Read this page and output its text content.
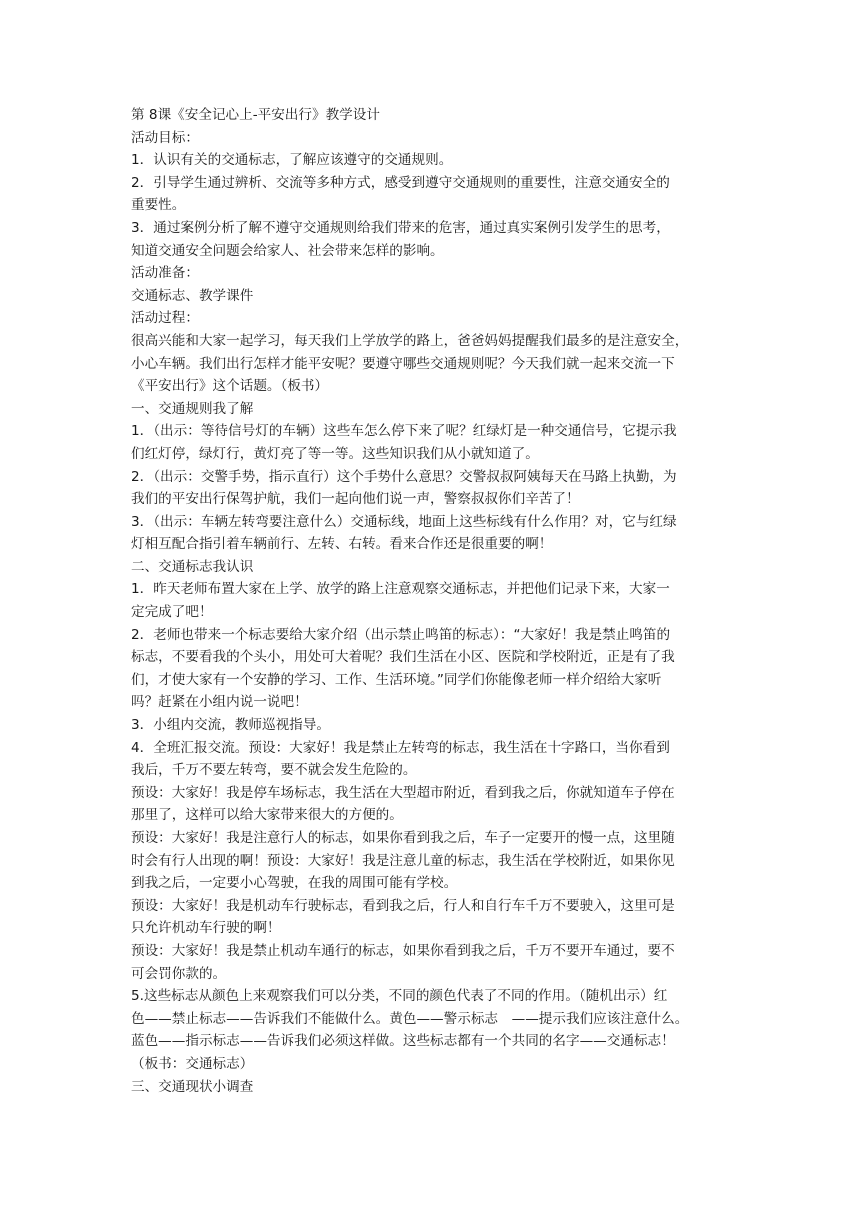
第 8课《安全记心上-平安出行》教学设计
活动目标：
1．认识有关的交通标志，了解应该遵守的交通规则。
2．引导学生通过辨析、交流等多种方式，感受到遵守交通规则的重要性，注意交通安全的
重要性。
3．通过案例分析了解不遵守交通规则给我们带来的危害，通过真实案例引发学生的思考，
知道交通安全问题会给家人、社会带来怎样的影响。
活动准备：
交通标志、教学课件
活动过程：
很高兴能和大家一起学习，每天我们上学放学的路上，爸爸妈妈提醒我们最多的是注意安全，
小心车辆。我们出行怎样才能平安呢？要遵守哪些交通规则呢？今天我们就一起来交流一下
《平安出行》这个话题。（板书）
一、交通规则我了解
1．（出示：等待信号灯的车辆）这些车怎么停下来了呢？红绿灯是一种交通信号，它提示我
们红灯停，绿灯行，黄灯亮了等一等。这些知识我们从小就知道了。
2．（出示：交警手势，指示直行）这个手势什么意思？交警叔叔阿姨每天在马路上执勤，为
我们的平安出行保驾护航，我们一起向他们说一声，警察叔叔你们辛苦了！
3．（出示：车辆左转弯要注意什么）交通标线，地面上这些标线有什么作用？对，它与红绿
灯相互配合指引着车辆前行、左转、右转。看来合作还是很重要的啊！
二、交通标志我认识
1．昨天老师布置大家在上学、放学的路上注意观察交通标志，并把他们记录下来，大家一
定完成了吧！
2．老师也带来一个标志要给大家介绍（出示禁止鸣笛的标志）：“大家好！我是禁止鸣笛的
标志，不要看我的个头小，用处可大着呢？我们生活在小区、医院和学校附近，正是有了我
们，才使大家有一个安静的学习、工作、生活环境。”同学们你能像老师一样介绍给大家听
吗？赶紧在小组内说一说吧！
3．小组内交流，教师巡视指导。
4．全班汇报交流。预设：大家好！我是禁止左转弯的标志，我生活在十字路口，当你看到
我后，千万不要左转弯，要不就会发生危险的。
预设：大家好！我是停车场标志，我生活在大型超市附近，看到我之后，你就知道车子停在
那里了，这样可以给大家带来很大的方便的。
预设：大家好！我是注意行人的标志，如果你看到我之后，车子一定要开的慢一点，这里随
时会有行人出现的啊！预设：大家好！我是注意儿童的标志，我生活在学校附近，如果你见
到我之后，一定要小心驾驶，在我的周围可能有学校。
预设：大家好！我是机动车行驶标志，看到我之后，行人和自行车千万不要驶入，这里可是
只允许机动车行驶的啊！
预设：大家好！我是禁止机动车通行的标志，如果你看到我之后，千万不要开车通过，要不
可会罚你款的。
5.这些标志从颜色上来观察我们可以分类，不同的颜色代表了不同的作用。（随机出示）红
色——禁止标志——告诉我们不能做什么。黄色——警示标志　——提示我们应该注意什么。
蓝色——指示标志——告诉我们必须这样做。这些标志都有一个共同的名字——交通标志！
（板书：交通标志）
三、交通现状小调查
